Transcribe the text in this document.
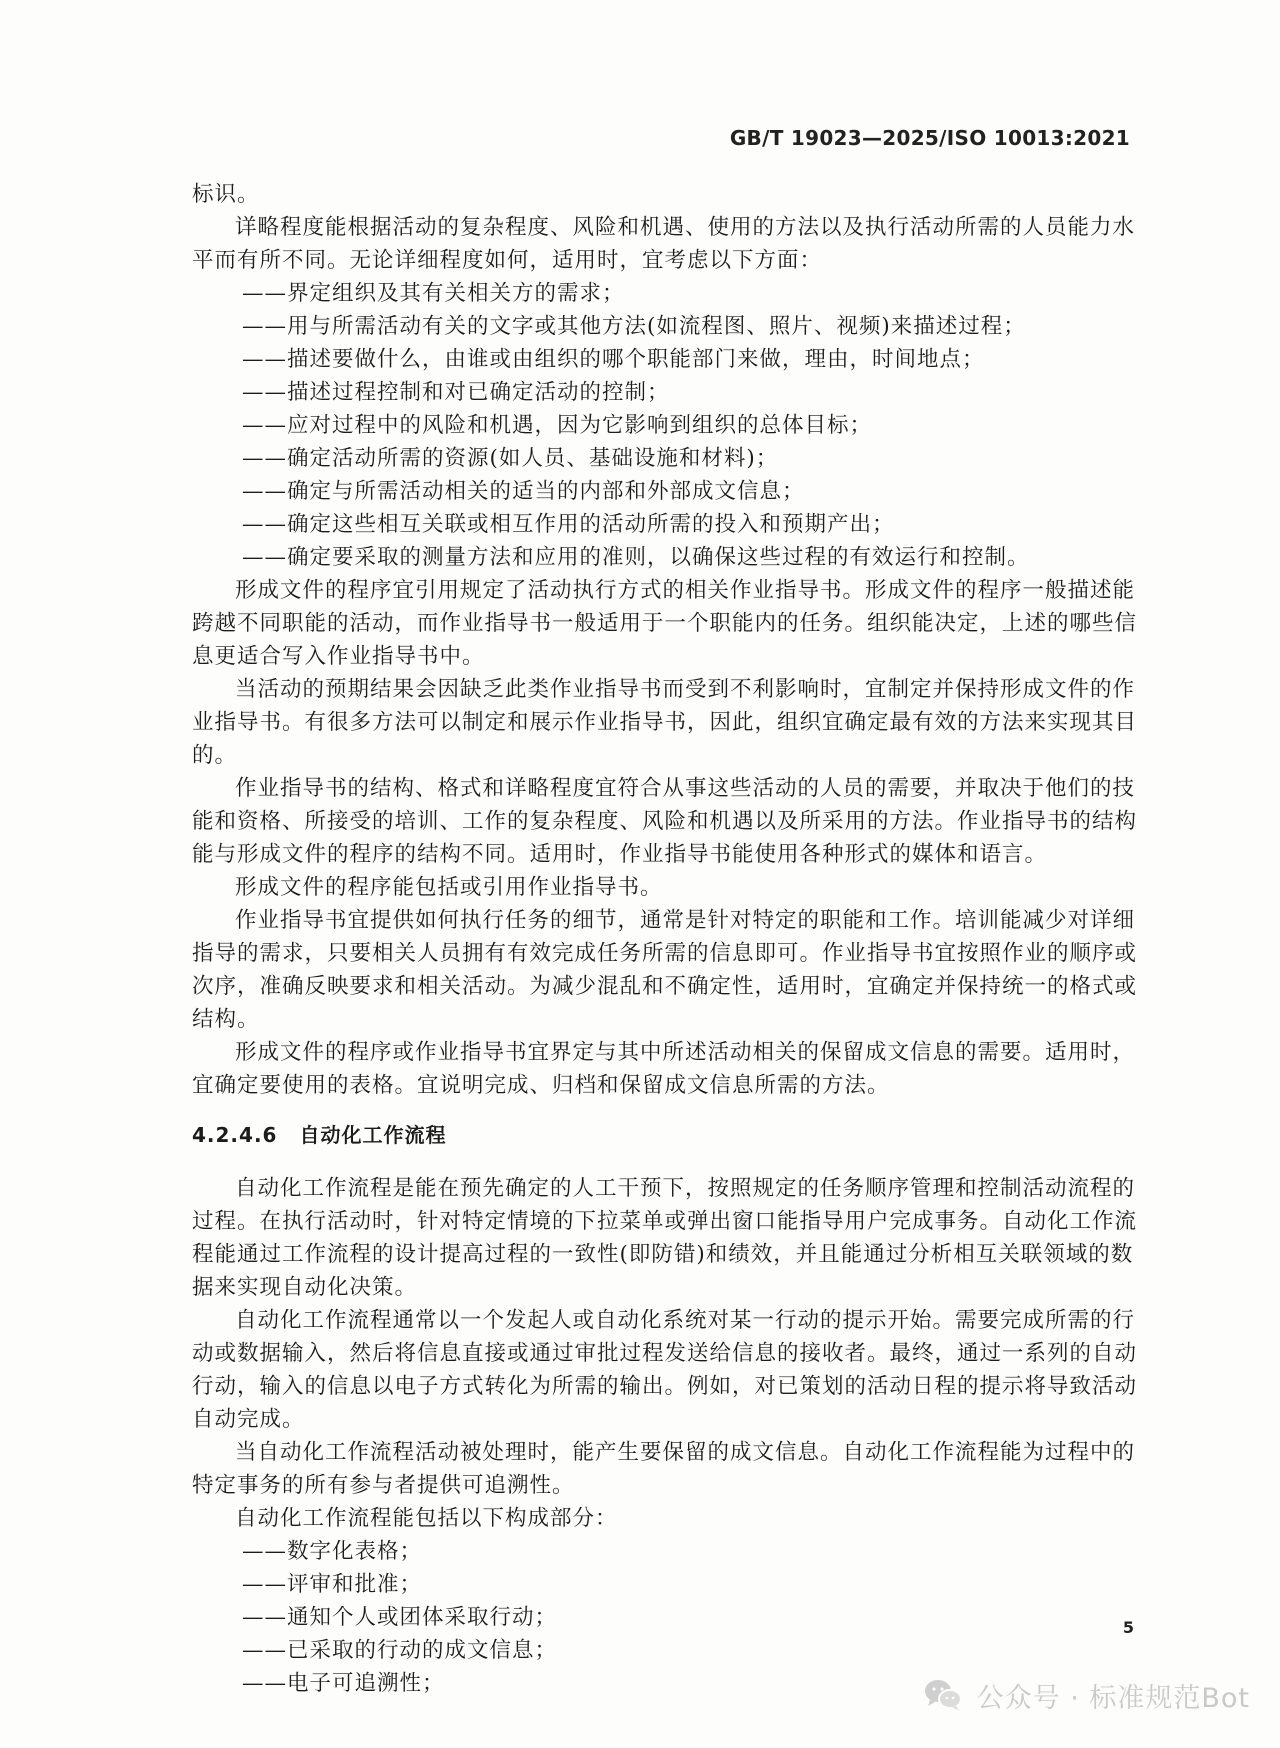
GB/T 19023—2025/ISO 10013:2021

标识。

详略程度能根据活动的复杂程度、风险和机遇、使用的方法以及执行活动所需的人员能力水平而有所不同。无论详细程度如何，适用时，宜考虑以下方面：

——界定组织及其有关相关方的需求；

——用与所需活动有关的文字或其他方法(如流程图、照片、视频)来描述过程；

——描述要做什么，由谁或由组织的哪个职能部门来做，理由，时间地点；

——描述过程控制和对已确定活动的控制；

——应对过程中的风险和机遇，因为它影响到组织的总体目标；

——确定活动所需的资源(如人员、基础设施和材料)；

——确定与所需活动相关的适当的内部和外部成文信息；

——确定这些相互关联或相互作用的活动所需的投入和预期产出；

——确定要采取的测量方法和应用的准则，以确保这些过程的有效运行和控制。

形成文件的程序宜引用规定了活动执行方式的相关作业指导书。形成文件的程序一般描述能跨越不同职能的活动，而作业指导书一般适用于一个职能内的任务。组织能决定，上述的哪些信息更适合写入作业指导书中。

当活动的预期结果会因缺乏此类作业指导书而受到不利影响时，宜制定并保持形成文件的作业指导书。有很多方法可以制定和展示作业指导书，因此，组织宜确定最有效的方法来实现其目的。

作业指导书的结构、格式和详略程度宜符合从事这些活动的人员的需要，并取决于他们的技能和资格、所接受的培训、工作的复杂程度、风险和机遇以及所采用的方法。作业指导书的结构能与形成文件的程序的结构不同。适用时，作业指导书能使用各种形式的媒体和语言。

形成文件的程序能包括或引用作业指导书。

作业指导书宜提供如何执行任务的细节，通常是针对特定的职能和工作。培训能减少对详细指导的需求，只要相关人员拥有有效完成任务所需的信息即可。作业指导书宜按照作业的顺序或次序，准确反映要求和相关活动。为减少混乱和不确定性，适用时，宜确定并保持统一的格式或结构。

形成文件的程序或作业指导书宜界定与其中所述活动相关的保留成文信息的需要。适用时，宜确定要使用的表格。宜说明完成、归档和保留成文信息所需的方法。

4.2.4.6 自动化工作流程

自动化工作流程是能在预先确定的人工干预下，按照规定的任务顺序管理和控制活动流程的过程。在执行活动时，针对特定情境的下拉菜单或弹出窗口能指导用户完成事务。自动化工作流程能通过工作流程的设计提高过程的一致性(即防错)和绩效，并且能通过分析相互关联领域的数据来实现自动化决策。

自动化工作流程通常以一个发起人或自动化系统对某一行动的提示开始。需要完成所需的行动或数据输入，然后将信息直接或通过审批过程发送给信息的接收者。最终，通过一系列的自动行动，输入的信息以电子方式转化为所需的输出。例如，对已策划的活动日程的提示将导致活动自动完成。

当自动化工作流程活动被处理时，能产生要保留的成文信息。自动化工作流程能为过程中的特定事务的所有参与者提供可追溯性。

自动化工作流程能包括以下构成部分：

——数字化表格；

——评审和批准；

——通知个人或团体采取行动；

——已采取的行动的成文信息；

——电子可追溯性；

5
公众号 · 标准规范Bot
